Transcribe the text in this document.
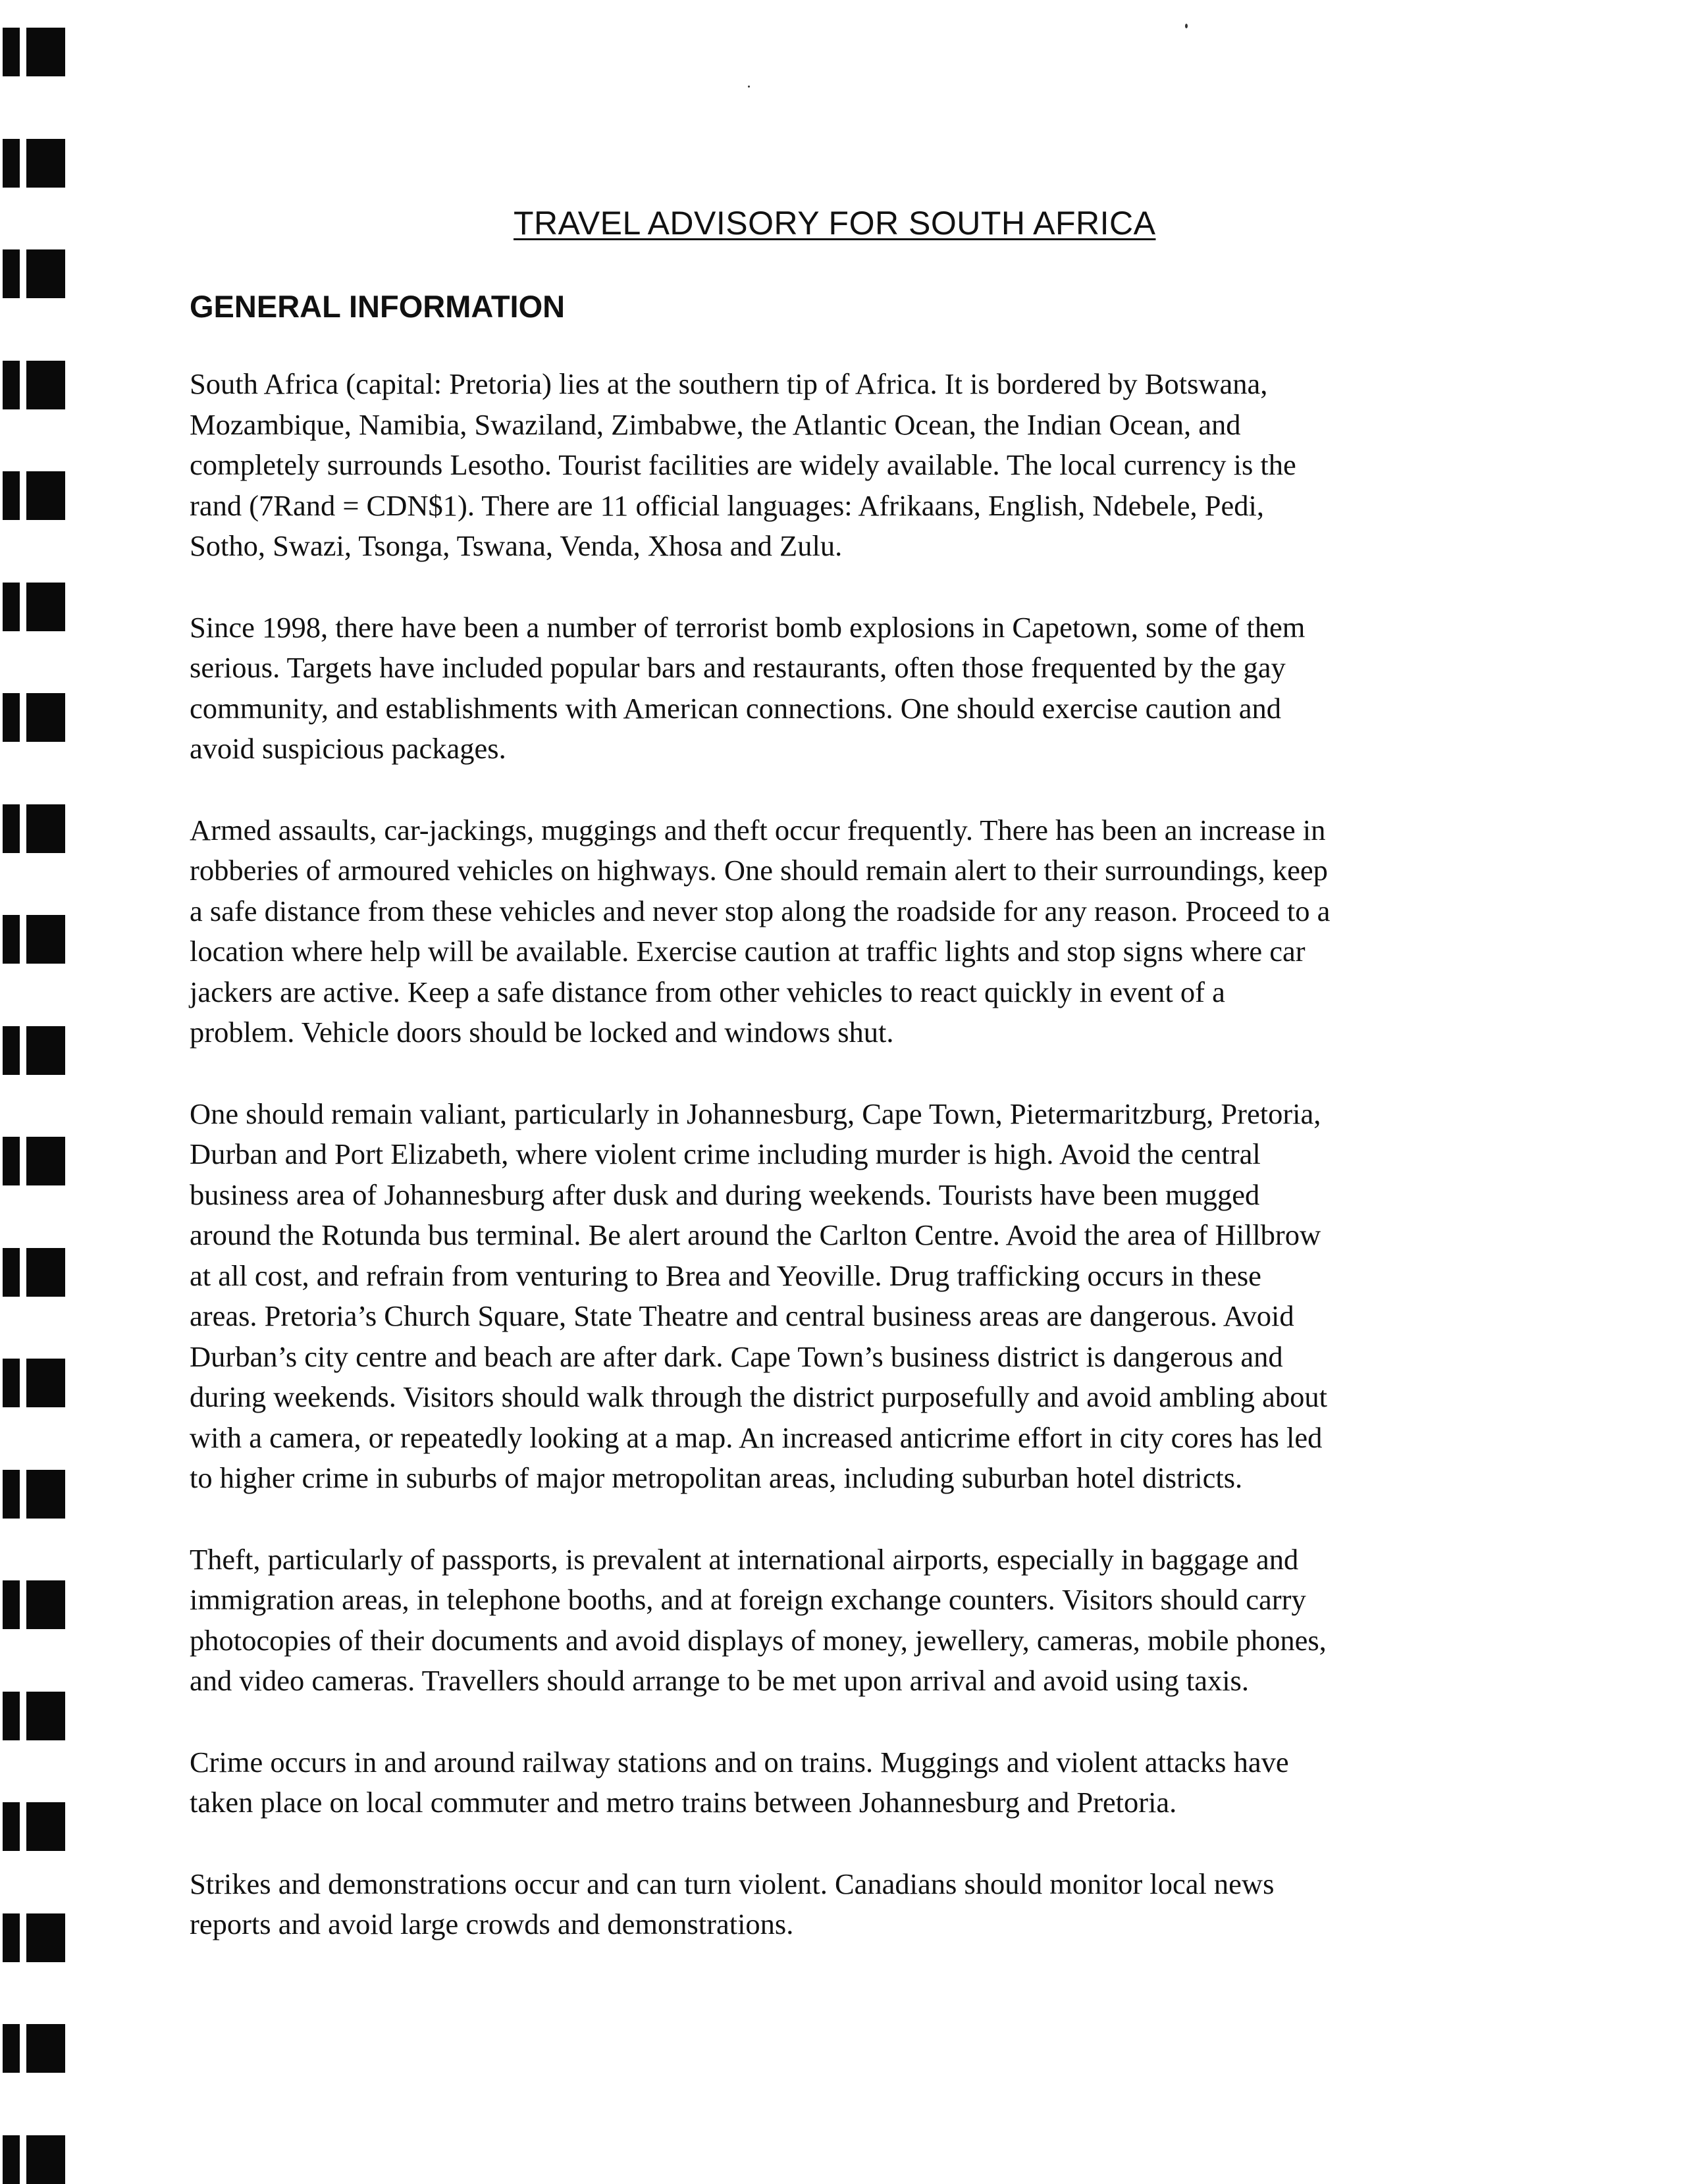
TRAVEL ADVISORY FOR SOUTH AFRICA
GENERAL INFORMATION

South Africa (capital: Pretoria) lies at the southern tip of Africa. It is bordered by Botswana,
Mozambique, Namibia, Swaziland, Zimbabwe, the Atlantic Ocean, the Indian Ocean, and
completely surrounds Lesotho. Tourist facilities are widely available. The local currency is the
rand (7Rand = CDN$1). There are 11 official languages: Afrikaans, English, Ndebele, Pedi,
Sotho, Swazi, Tsonga, Tswana, Venda, Xhosa and Zulu.

Since 1998, there have been a number of terrorist bomb explosions in Capetown, some of them
serious. Targets have included popular bars and restaurants, often those frequented by the gay
community, and establishments with American connections. One should exercise caution and
avoid suspicious packages.

Armed assaults, car-jackings, muggings and theft occur frequently. There has been an increase in
robberies of armoured vehicles on highways. One should remain alert to their surroundings, keep
a safe distance from these vehicles and never stop along the roadside for any reason. Proceed to a
location where help will be available. Exercise caution at traffic lights and stop signs where car
jackers are active. Keep a safe distance from other vehicles to react quickly in event of a
problem. Vehicle doors should be locked and windows shut.

One should remain valiant, particularly in Johannesburg, Cape Town, Pietermaritzburg, Pretoria,
Durban and Port Elizabeth, where violent crime including murder is high. Avoid the central
business area of Johannesburg after dusk and during weekends. Tourists have been mugged
around the Rotunda bus terminal. Be alert around the Carlton Centre. Avoid the area of Hillbrow
at all cost, and refrain from venturing to Brea and Yeoville. Drug trafficking occurs in these
areas. Pretoria’s Church Square, State Theatre and central business areas are dangerous. Avoid
Durban’s city centre and beach are after dark. Cape Town’s business district is dangerous and
during weekends. Visitors should walk through the district purposefully and avoid ambling about
with a camera, or repeatedly looking at a map. An increased anticrime effort in city cores has led
to higher crime in suburbs of major metropolitan areas, including suburban hotel districts.

Theft, particularly of passports, is prevalent at international airports, especially in baggage and
immigration areas, in telephone booths, and at foreign exchange counters. Visitors should carry
photocopies of their documents and avoid displays of money, jewellery, cameras, mobile phones,
and video cameras. Travellers should arrange to be met upon arrival and avoid using taxis.

Crime occurs in and around railway stations and on trains. Muggings and violent attacks have
taken place on local commuter and metro trains between Johannesburg and Pretoria.

Strikes and demonstrations occur and can turn violent. Canadians should monitor local news
reports and avoid large crowds and demonstrations.
